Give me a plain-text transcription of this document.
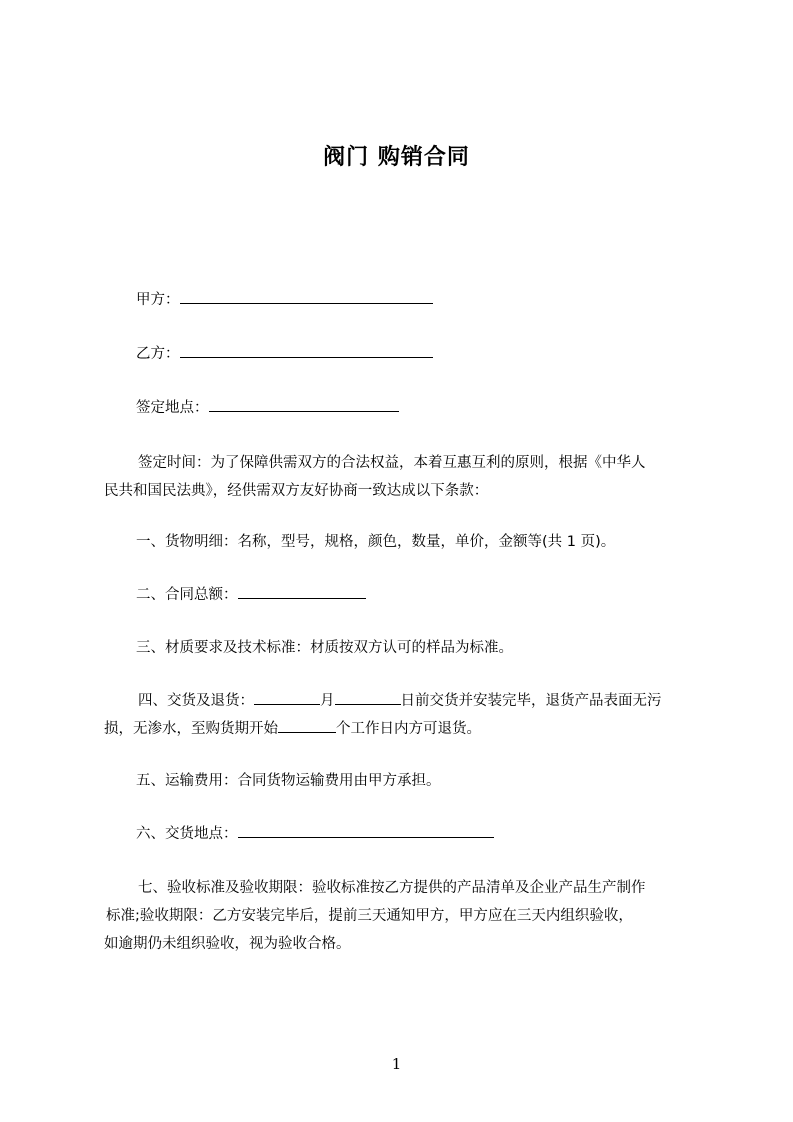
阀门 购销合同
甲方：
乙方：
签定地点：
签定时间：为了保障供需双方的合法权益，本着互惠互利的原则，根据《中华人
民共和国民法典》，经供需双方友好协商一致达成以下条款：
一、货物明细：名称，型号，规格，颜色，数量，单价，金额等(共 1 页)。
二、合同总额：
三、材质要求及技术标准：材质按双方认可的样品为标准。
四、交货及退货：	月	日前交货并安装完毕，退货产品表面无污
损，无渗水，至购货期开始	个工作日内方可退货。
五、运输费用：合同货物运输费用由甲方承担。
六、交货地点：
七、验收标准及验收期限：验收标准按乙方提供的产品清单及企业产品生产制作
标准;验收期限：乙方安装完毕后，提前三天通知甲方，甲方应在三天内组织验收，
如逾期仍未组织验收，视为验收合格。
1
